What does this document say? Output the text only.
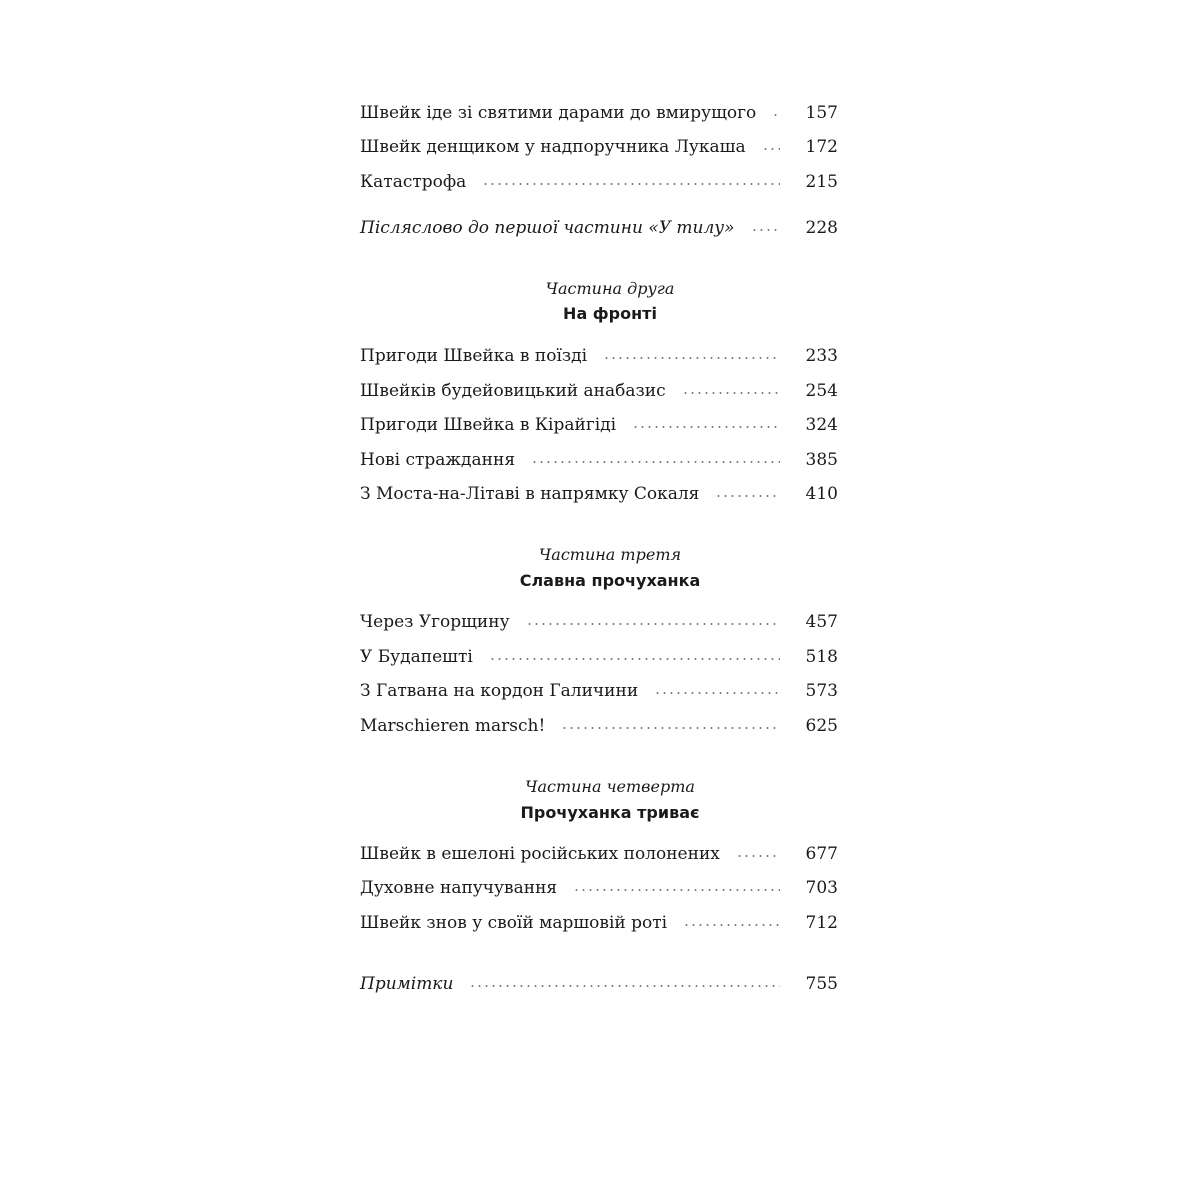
Швейк іде зі святими дарами до вмирущого	157
Швейк денщиком у надпоручника Лукаша	172
Катастрофа	215
Післяслово до першої частини «У тилу»	228
Частина друга
На фронті
Пригоди Швейка в поїзді	233
Швейків будейовицький анабазис	254
Пригоди Швейка в Кірайгіді	324
Нові страждання	385
З Моста-на-Літаві в напрямку Сокаля	410
Частина третя
Славна прочуханка
Через Угорщину	457
У Будапешті	518
З Гатвана на кордон Галичини	573
Marschieren marsch!	625
Частина четверта
Прочуханка триває
Швейк в ешелоні російських полонених	677
Духовне напучування	703
Швейк знов у своїй маршовій роті	712
Примітки	755
